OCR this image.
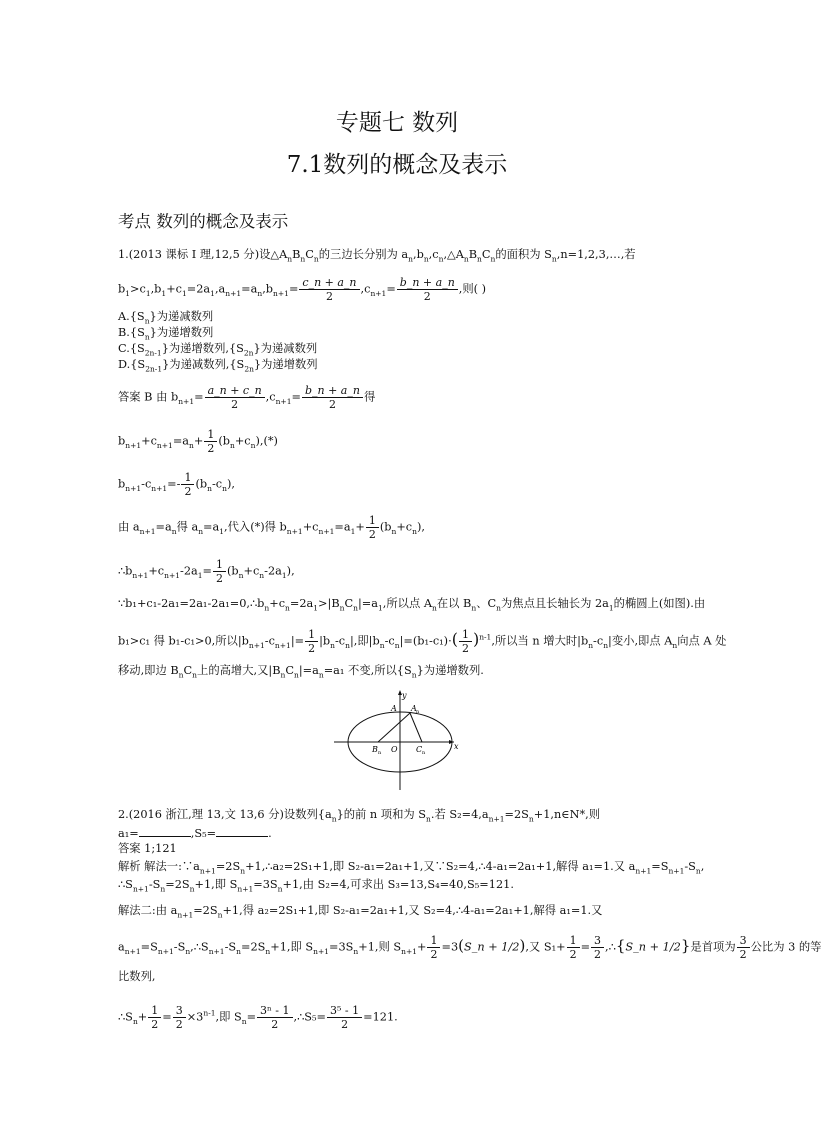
专题七 数列
7.1数列的概念及表示
考点 数列的概念及表示
1.(2013 课标 I 理,12,5 分)设$\triangle A_nB_nC_n$的三边长分别为 $a_n,b_n,c_n,\triangle A_nB_nC_n$的面积为 $S_n,n=1,2,3,\dots$,若
$b_1>c_1,b_1+c_1=2a_1,a_{n+1}=a_n,b_{n+1}= \frac{c\_n + a\_n}{2} ,c_{n+1}= \frac{b\_n + a\_n}{2}$ ,则( )
$A.\{S_n\}$为递减数列
$B.\{S_n\}$为递增数列
$C.\{S_{2n-1}\}$为递增数列$,\{S_{2n}\}$为递减数列
$D.\{S_{2n-1}\}$为递减数列$,\{S_{2n}\}$为递增数列
答案 B 由 $b_{n+1}= \frac{a\_n + c\_n}{2} ,c_{n+1}= \frac{b\_n + a\_n}{2}$ 得
$b_{n+1}+c_{n+1}=a_n+ \frac{1}{2} (b_n+c_n),(*)$
$b_{n+1}-c_{n+1}=- \frac{1}{2} (b_n-c_n)$,
由 $a_{n+1}=a_n$得 $a_n=a_1$,代入(*)得 $b_{n+1}+c_{n+1}=a_1+ \frac{1}{2} (b_n+c_n)$,
$\therefore b_{n+1}+c_{n+1}-2a_1= \frac{1}{2} (b_n+c_n-2a_1)$,
$\because b_1+c_1-2a_1=2a_1-2a_1=0,\therefore b_n+c_n=2a_1>|B_nC_n|=a_1$,所以点 $A_n$在以 $B_n$、$C_n$为焦点且长轴长为 $2a_1$的椭圆上(如图).由
b₁>c₁ 得 b₁-c₁>0,所以$|b_{n+1}-c_{n+1}|= \frac{1}{2} |b_n-c_n|$,即$|b_n-c_n|=(b_1-c_1)\cdot( \frac{1}{2} )^{n-1}$,所以当 n 增大时$|b_n-c_n|$变小,即点 $A_n$向点 A 处
移动,即边 $B_nC_n$上的高增大,又$|B_nC_n|=a_n=a_1$ 不变,所以$\{S_n\}$为递增数列.
y
x
A A n
B n O C n
2.(2016 浙江,理 13,文 13,6 分)设数列$\{a_n\}$的前 n 项和为 $S_n$.若 $S_2=4,a_{n+1}=2S_n+1,n\in N*$,则
a₁=	,S₅=	.
答案 1;121
解析 解法一$:\because a_{n+1}=2S_n+1,\therefore a_2=2S_1+1$,即 S₂-a₁=2a₁+1,又∵S₂=4,∴4-a₁=2a₁+1,解得 a₁=1.又 $a_{n+1}=S_{n+1}-S_n$,
$\therefore S_{n+1}-S_n=2S_n+1$,即 $S_{n+1}=3S_n+1$,由 S₂=4,可求出 S₃=13,S₄=40,S₅=121.
解法二:由 $a_{n+1}=2S_n+1$,得 a₂=2S₁+1,即 S₂-a₁=2a₁+1,又 S₂=4,∴4-a₁=2a₁+1,解得 a₁=1.又
$a_{n+1}=S_{n+1}-S_n,\therefore S_{n+1}-S_n=2S_n+1$,即 $S_{n+1}=3S_n+1$,则 $S_{n+1}+ \frac{1}{2}$ =3(S_n + 1/2),又 $S_1+ \frac{1}{2} = \frac{3}{2}$ ,∴{S_n + 1/2}是首项为 $\frac{3}{2}$ 公比为 3 的等
比数列,
$\therefore S_n+ \frac{1}{2} = \frac{3}{2} \times 3^{n-1}$,即 $S_n= \frac{\text{3ⁿ - 1}}{2}$ ,∴S₅= $\frac{\text{3⁵ - 1}}{2} =121$.
